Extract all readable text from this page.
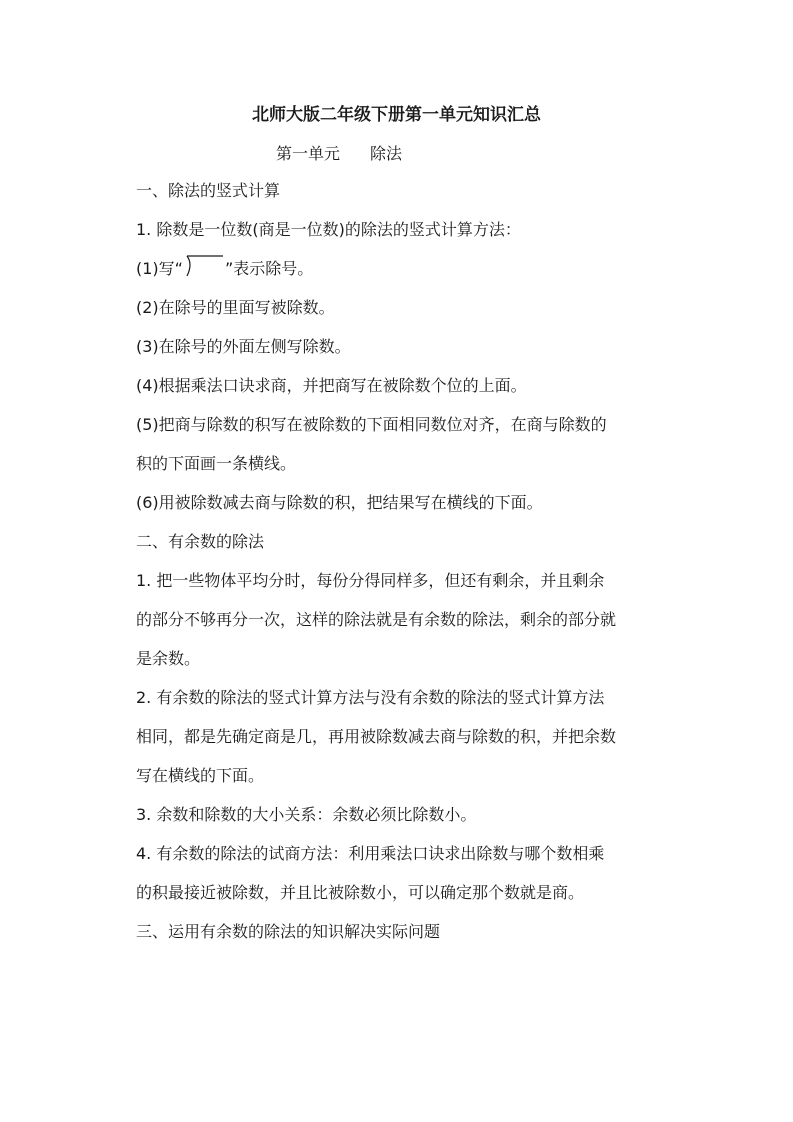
北师大版二年级下册第一单元知识汇总
第一单元 除法
一、除法的竖式计算
1. 除数是一位数(商是一位数)的除法的竖式计算方法：
(1)写“	”表示除号。
(2)在除号的里面写被除数。
(3)在除号的外面左侧写除数。
(4)根据乘法口诀求商，并把商写在被除数个位的上面。
(5)把商与除数的积写在被除数的下面相同数位对齐，在商与除数的
积的下面画一条横线。
(6)用被除数减去商与除数的积，把结果写在横线的下面。
二、有余数的除法
1. 把一些物体平均分时，每份分得同样多，但还有剩余，并且剩余
的部分不够再分一次，这样的除法就是有余数的除法，剩余的部分就
是余数。
2. 有余数的除法的竖式计算方法与没有余数的除法的竖式计算方法
相同，都是先确定商是几，再用被除数减去商与除数的积，并把余数
写在横线的下面。
3. 余数和除数的大小关系：余数必须比除数小。
4. 有余数的除法的试商方法：利用乘法口诀求出除数与哪个数相乘
的积最接近被除数，并且比被除数小，可以确定那个数就是商。
三、运用有余数的除法的知识解决实际问题
